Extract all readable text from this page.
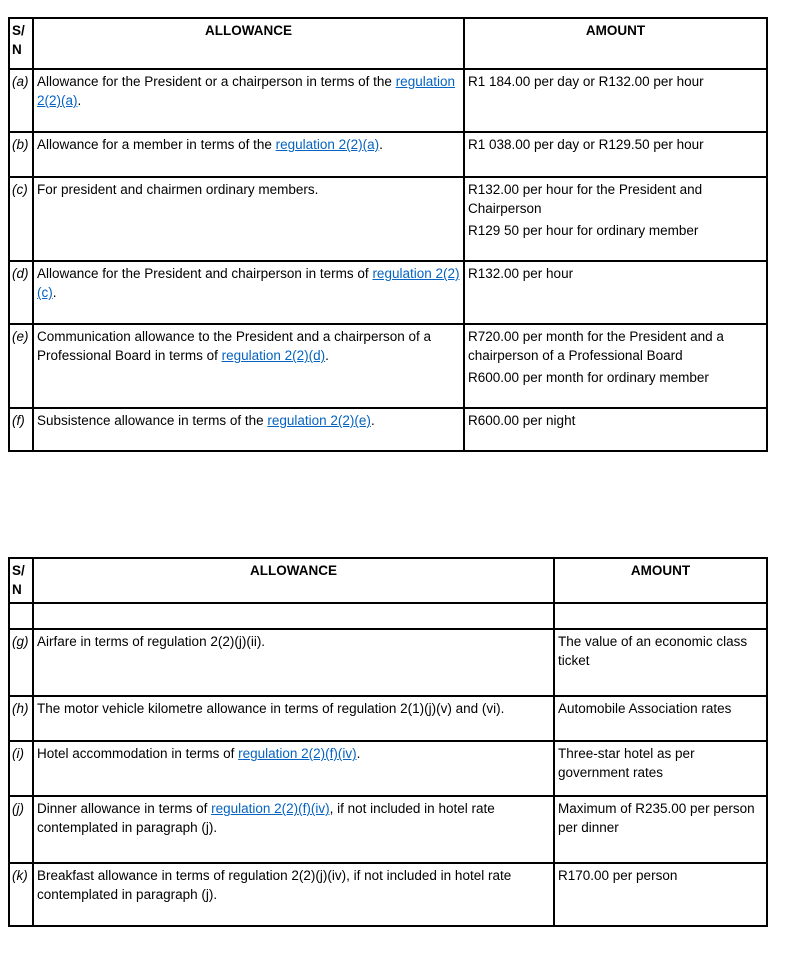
S/N	ALLOWANCE	AMOUNT
(a)	Allowance for the President or a chairperson in terms of the regulation 2(2)(a).	R1 184.00 per day or R132.00 per hour

(b)	Allowance for a member in terms of the regulation 2(2)(a).	R1 038.00 per day or R129.50 per hour

(c)	For president and chairmen ordinary members.	R132.00 per hour for the President and Chairperson
R129 50 per hour for ordinary member

(d)	Allowance for the President and chairperson in terms of regulation 2(2)(c).	R132.00 per hour

(e)	Communication allowance to the President and a chairperson of a Professional Board in terms of regulation 2(2)(d).	R720.00 per month for the President and a chairperson of a Professional Board
R600.00 per month for ordinary member

(f)	Subsistence allowance in terms of the regulation 2(2)(e).	R600.00 per night
S/N	ALLOWANCE	AMOUNT

(g)	Airfare in terms of regulation 2(2)(j)(ii).	The value of an economic class ticket

(h)	The motor vehicle kilometre allowance in terms of regulation 2(1)(j)(v) and (vi).	Automobile Association rates

(i)	Hotel accommodation in terms of regulation 2(2)(f)(iv).	Three-star hotel as per government rates

(j)	Dinner allowance in terms of regulation 2(2)(f)(iv), if not included in hotel rate contemplated in paragraph (j).	Maximum of R235.00 per person per dinner

(k)	Breakfast allowance in terms of regulation 2(2)(j)(iv), if not included in hotel rate contemplated in paragraph (j).	R170.00 per person
